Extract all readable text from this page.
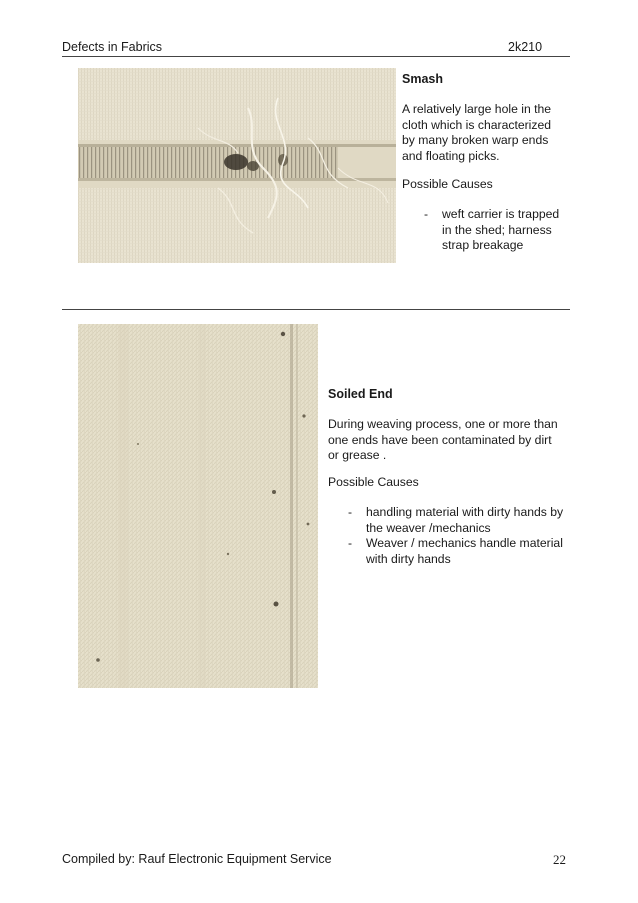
Defects in Fabrics	2k210
Smash
A relatively large hole in the cloth which is characterized by many broken warp ends and floating picks.
Possible Causes
- weft carrier is trapped in the shed; harness strap breakage
Soiled End
During weaving process, one or more than one ends have been contaminated by dirt or grease .
Possible Causes
- handling material with dirty hands by the weaver /mechanics
- Weaver / mechanics handle material with dirty hands
Compiled by: Rauf Electronic Equipment Service	22
